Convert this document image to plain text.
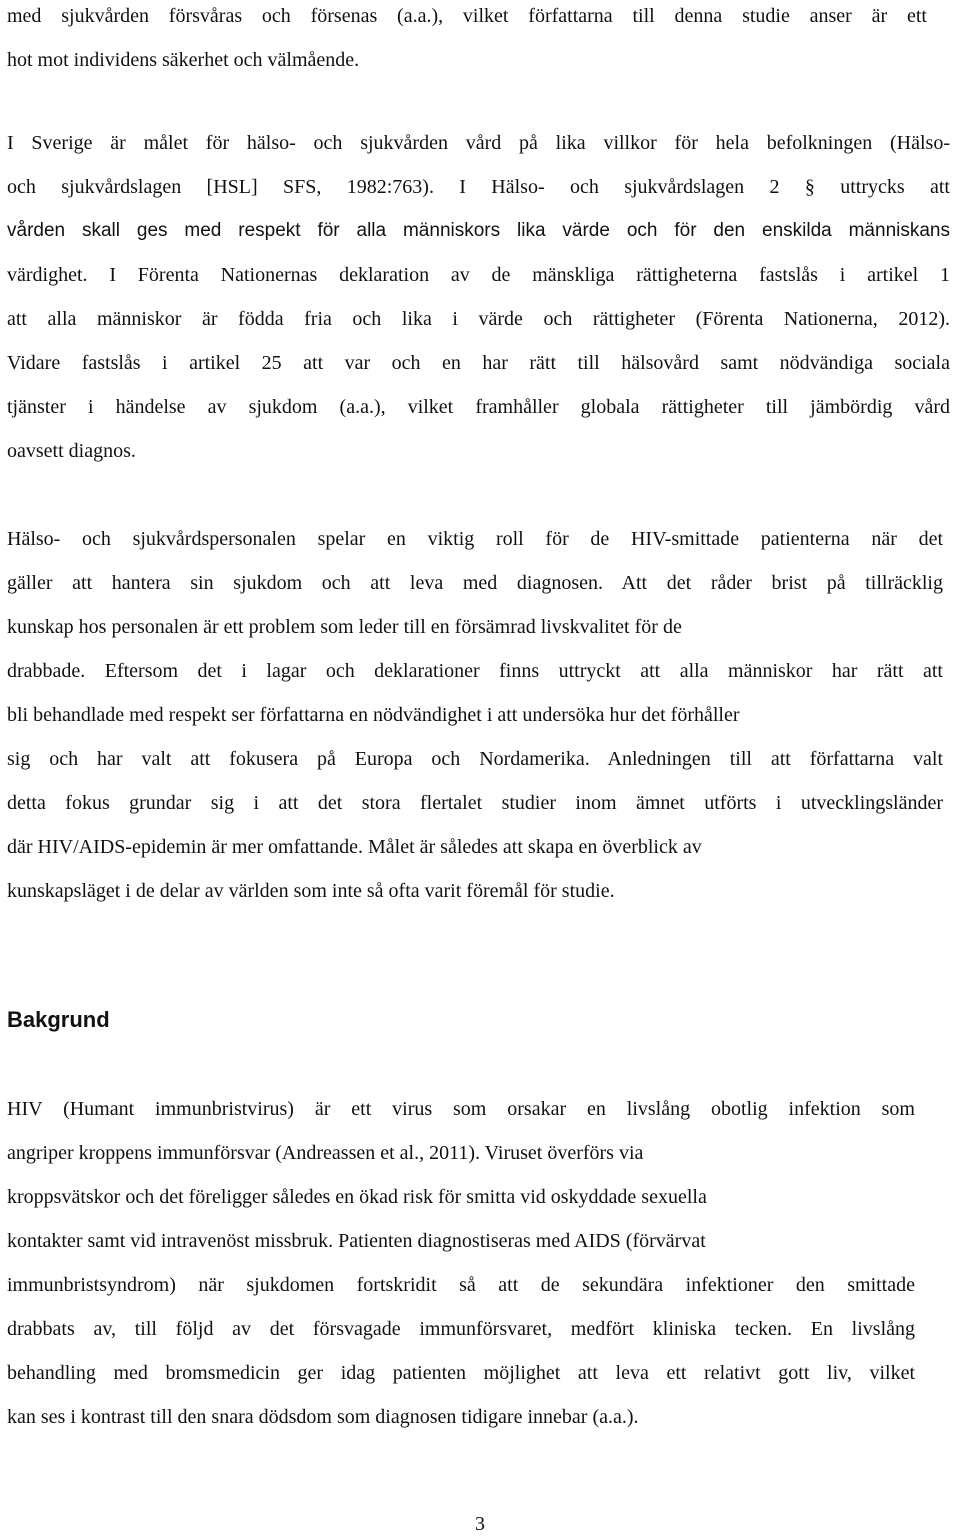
med sjukvården försvåras och försenas (a.a.), vilket författarna till denna studie anser är ett
hot mot individens säkerhet och välmående.
I Sverige är målet för hälso- och sjukvården vård på lika villkor för hela befolkningen (Hälso-
och sjukvårdslagen [HSL] SFS, 1982:763). I Hälso- och sjukvårdslagen 2 § uttrycks att
vården skall ges med respekt för alla människors lika värde och för den enskilda människans
värdighet. I Förenta Nationernas deklaration av de mänskliga rättigheterna fastslås i artikel 1
att alla människor är födda fria och lika i värde och rättigheter (Förenta Nationerna, 2012).
Vidare fastslås i artikel 25 att var och en har rätt till hälsovård samt nödvändiga sociala
tjänster i händelse av sjukdom (a.a.), vilket framhåller globala rättigheter till jämbördig vård
oavsett diagnos.
Hälso- och sjukvårdspersonalen spelar en viktig roll för de HIV-smittade patienterna när det
gäller att hantera sin sjukdom och att leva med diagnosen. Att det råder brist på tillräcklig
kunskap hos personalen är ett problem som leder till en försämrad livskvalitet för de
drabbade. Eftersom det i lagar och deklarationer finns uttryckt att alla människor har rätt att
bli behandlade med respekt ser författarna en nödvändighet i att undersöka hur det förhåller
sig och har valt att fokusera på Europa och Nordamerika. Anledningen till att författarna valt
detta fokus grundar sig i att det stora flertalet studier inom ämnet utförts i utvecklingsländer
där HIV/AIDS-epidemin är mer omfattande. Målet är således att skapa en överblick av
kunskapsläget i de delar av världen som inte så ofta varit föremål för studie.
Bakgrund
HIV (Humant immunbristvirus) är ett virus som orsakar en livslång obotlig infektion som
angriper kroppens immunförsvar (Andreassen et al., 2011). Viruset överförs via
kroppsvätskor och det föreligger således en ökad risk för smitta vid oskyddade sexuella
kontakter samt vid intravenöst missbruk. Patienten diagnostiseras med AIDS (förvärvat
immunbristsyndrom) när sjukdomen fortskridit så att de sekundära infektioner den smittade
drabbats av, till följd av det försvagade immunförsvaret, medfört kliniska tecken. En livslång
behandling med bromsmedicin ger idag patienten möjlighet att leva ett relativt gott liv, vilket
kan ses i kontrast till den snara dödsdom som diagnosen tidigare innebar (a.a.).
3
